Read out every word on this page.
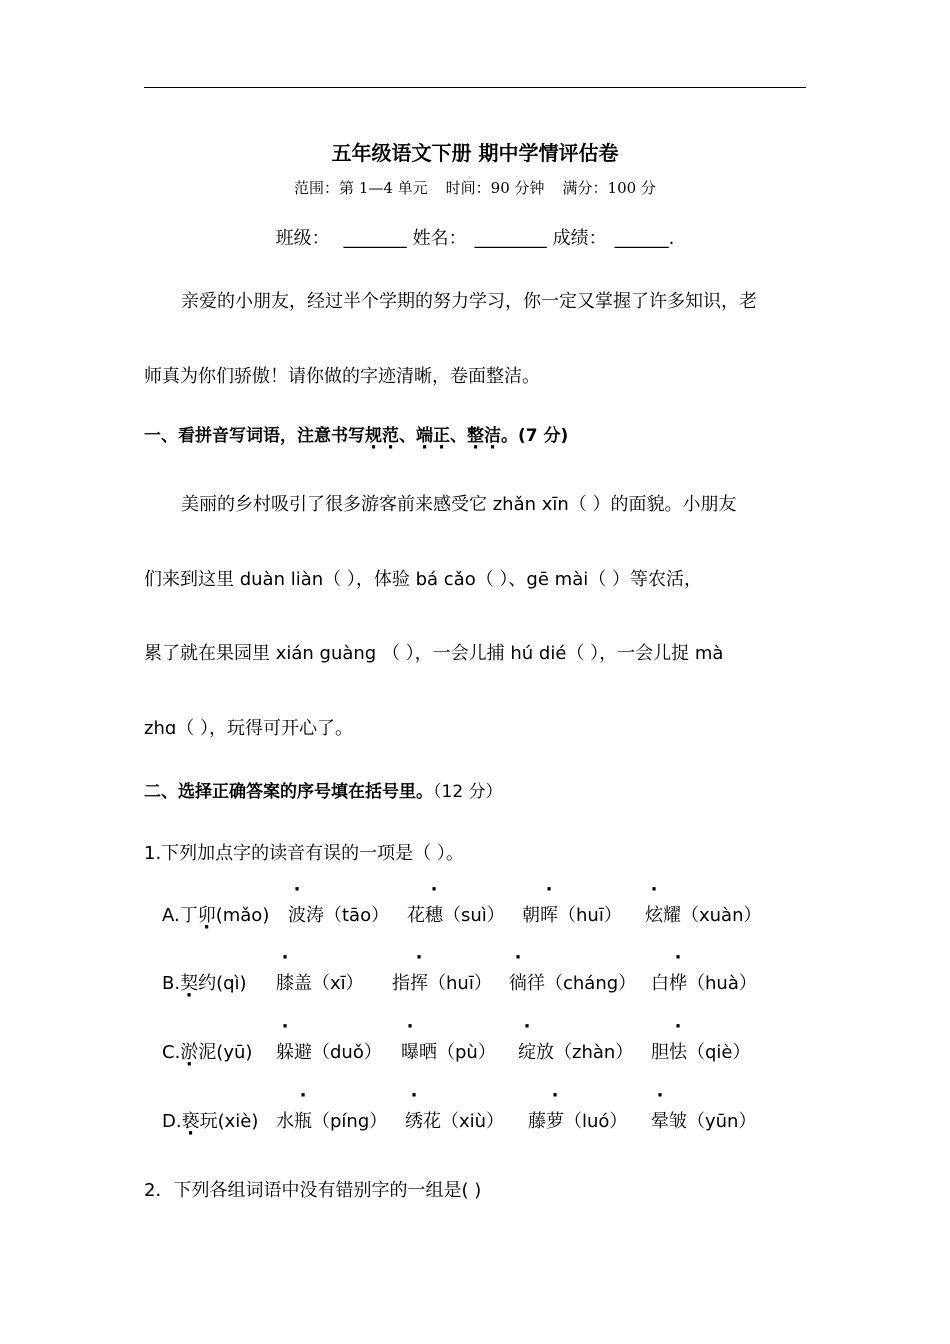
五年级语文下册 期中学情评估卷
范围：第 1—4 单元 时间：90 分钟 满分：100 分
班级： _______ 姓名： ________ 成绩： ______.
亲爱的小朋友，经过半个学期的努力学习，你一定又掌握了许多知识，老
师真为你们骄傲！请你做的字迹清晰，卷面整洁。
一、看拼音写词语，注意书写规范、端正、整洁。(7 分)
美丽的乡村吸引了很多游客前来感受它 zhǎn xīn（ ）的面貌。小朋友
们来到这里 duàn liàn（ ），体验 bá cǎo（ ）、gē mài（ ）等农活，
累了就在果园里 xián guàng （ ），一会儿捕 hú dié（ ），一会儿捉 mà
zhɑ（ ），玩得可开心了。
二、选择正确答案的序号填在括号里。（12 分）
1.下列加点字的读音有误的一项是（ ）。
A.丁卯(mǎo) 波涛（tāo） 花穗（suì） 朝晖（huī） 炫耀（xuàn）
B.契约(qì) 膝盖（xī） 指挥（huī） 徜徉（cháng） 白桦（huà）
C.淤泥(yū) 躲避（duǒ） 曝晒（pù） 绽放（zhàn） 胆怯（qiè）
D.亵玩(xiè) 水瓶（píng） 绣花（xiù） 藤萝（luó） 晕皱（yūn）
2．下列各组词语中没有错别字的一组是( )
